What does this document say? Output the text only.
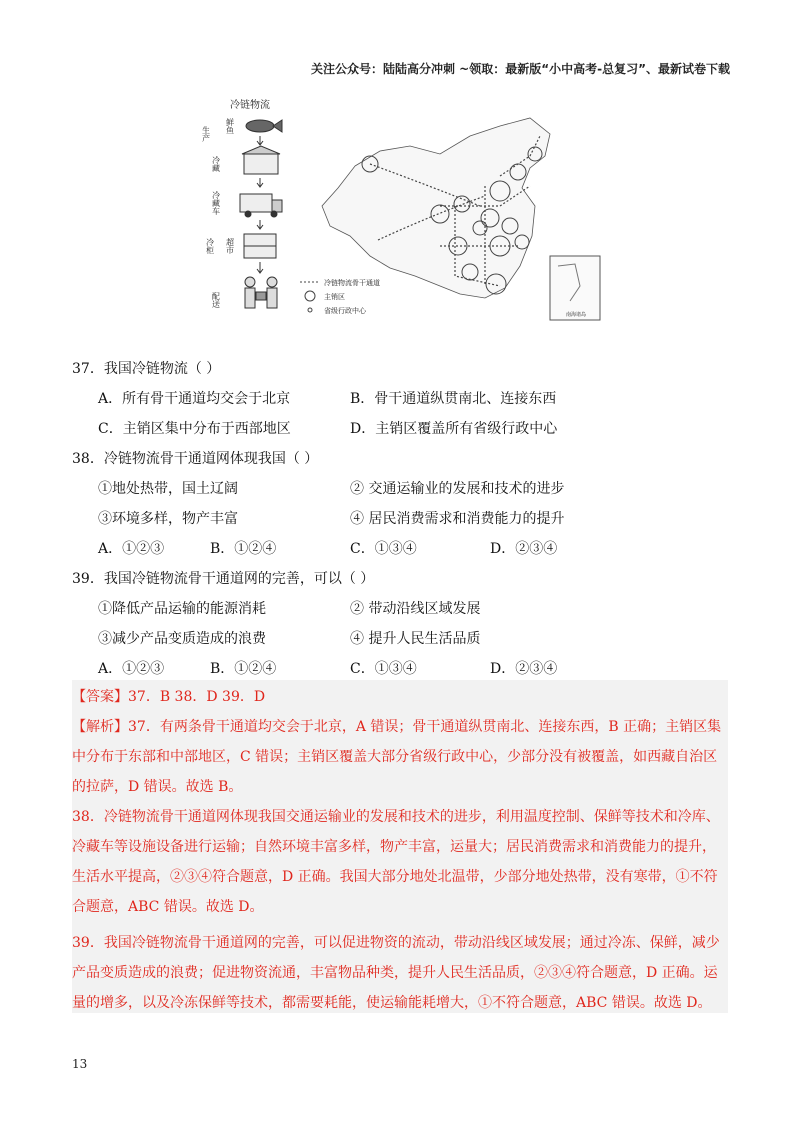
关注公众号：陆陆高分冲刺 ~领取：最新版“小中高考-总复习”、最新试卷下载
冷链物流
生产 鲜鱼
冷藏
冷藏车
冷柜 超市
配送
冷链物流骨干通道
主销区
省级行政中心	南海诸岛
37．我国冷链物流（ ）
A．所有骨干通道均交会于北京	B．骨干通道纵贯南北、连接东西
C．主销区集中分布于西部地区	D．主销区覆盖所有省级行政中心
38．冷链物流骨干通道网体现我国（ ）
①地处热带，国土辽阔	② 交通运输业的发展和技术的进步
③环境多样，物产丰富	④ 居民消费需求和消费能力的提升
A．①②③	B．①②④	C．①③④	D．②③④
39．我国冷链物流骨干通道网的完善，可以（ ）
①降低产品运输的能源消耗	② 带动沿线区域发展
③减少产品变质造成的浪费	④ 提升人民生活品质
A．①②③	B．①②④	C．①③④	D．②③④
【答案】37．B 38．D 39．D
【解析】37．有两条骨干通道均交会于北京，A 错误；骨干通道纵贯南北、连接东西，B 正确；主销区集
中分布于东部和中部地区，C 错误；主销区覆盖大部分省级行政中心，少部分没有被覆盖，如西藏自治区
的拉萨，D 错误。故选 B。
38．冷链物流骨干通道网体现我国交通运输业的发展和技术的进步，利用温度控制、保鲜等技术和冷库、
冷藏车等设施设备进行运输；自然环境丰富多样，物产丰富，运量大；居民消费需求和消费能力的提升，
生活水平提高，②③④符合题意，D 正确。我国大部分地处北温带，少部分地处热带，没有寒带，①不符
合题意，ABC 错误。故选 D。
39．我国冷链物流骨干通道网的完善，可以促进物资的流动，带动沿线区域发展；通过冷冻、保鲜，减少
产品变质造成的浪费；促进物资流通，丰富物品种类，提升人民生活品质，②③④符合题意，D 正确。运
量的增多，以及冷冻保鲜等技术，都需要耗能，使运输能耗增大，①不符合题意，ABC 错误。故选 D。
13
